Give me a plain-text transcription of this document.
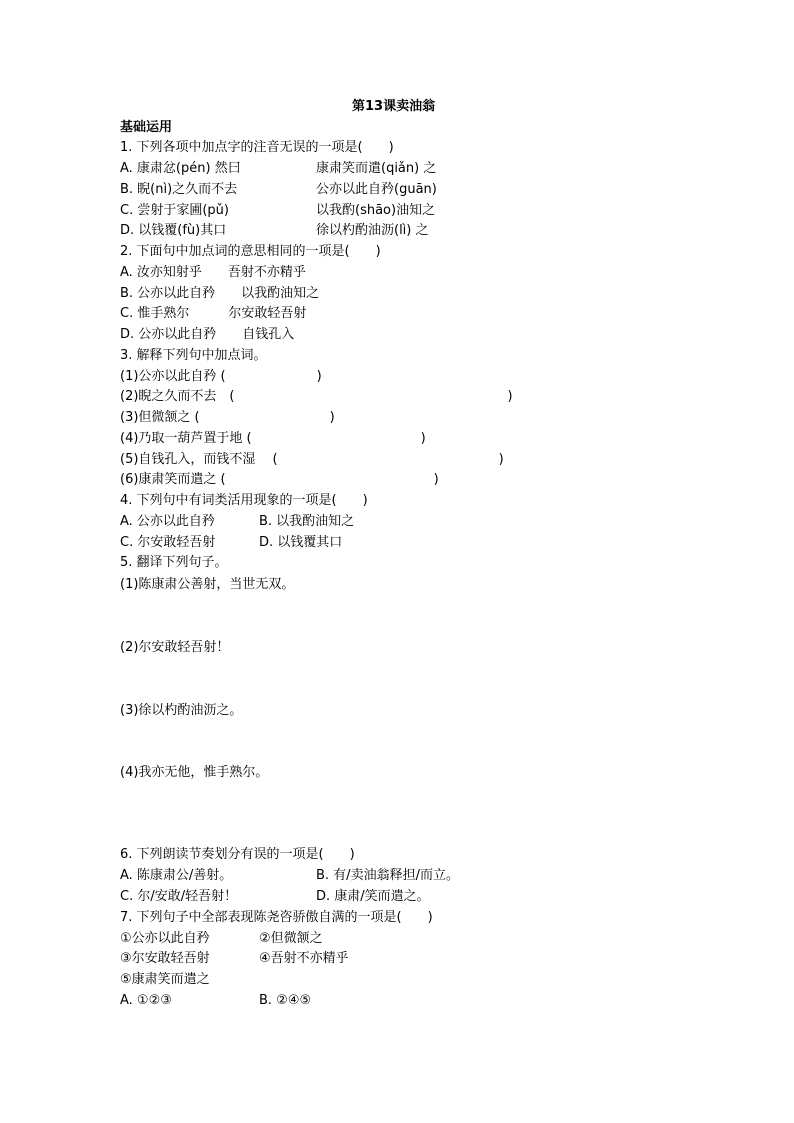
第13课卖油翁
基础运用
1. 下列各项中加点字的注音无误的一项是(　　)
A. 康肃忿(pén) 然曰	康肃笑而遣(qiǎn) 之
B. 睨(nì)之久而不去	公亦以此自矜(guān)
C. 尝射于家圃(pǔ)	以我酌(shāo)油知之
D. 以钱覆(fù)其口	徐以杓酌油沥(lì) 之
2. 下面句中加点词的意思相同的一项是(　　)
A. 汝亦知射乎　　吾射不亦精乎
B. 公亦以此自矜　　以我酌油知之
C. 惟手熟尔　　　尔安敢轻吾射
D. 公亦以此自矜　　自钱孔入
3. 解释下列句中加点词。
(1)公亦以此自矜 (　　　　　　　)
(2)睨之久而不去　(　　　　　　　　　　　　　　　　　　　　　)
(3)但微颔之 (　　　　　　　　　　)
(4)乃取一葫芦置于地 (　　　　　　　　　　　　　)
(5)自钱孔入，而钱不湿　 (　　　　　　　　　　　　　　　　　)
(6)康肃笑而遣之 (　　　　　　　　　　　　　　　　)
4. 下列句中有词类活用现象的一项是(　　)
A. 公亦以此自矜	B. 以我酌油知之
C. 尔安敢轻吾射	D. 以钱覆其口
5. 翻译下列句子。
(1)陈康肃公善射，当世无双。
(2)尔安敢轻吾射！
(3)徐以杓酌油沥之。
(4)我亦无他，惟手熟尔。
6. 下列朗读节奏划分有误的一项是(　　)
A. 陈康肃公/善射。	B. 有/卖油翁释担/而立。
C. 尔/安敢/轻吾射！	D. 康肃/笑而遣之。
7. 下列句子中全部表现陈尧咨骄傲自满的一项是(　　)
①公亦以此自矜	②但微颔之
③尔安敢轻吾射	④吾射不亦精乎
⑤康肃笑而遣之
A. ①②③	B. ②④⑤
